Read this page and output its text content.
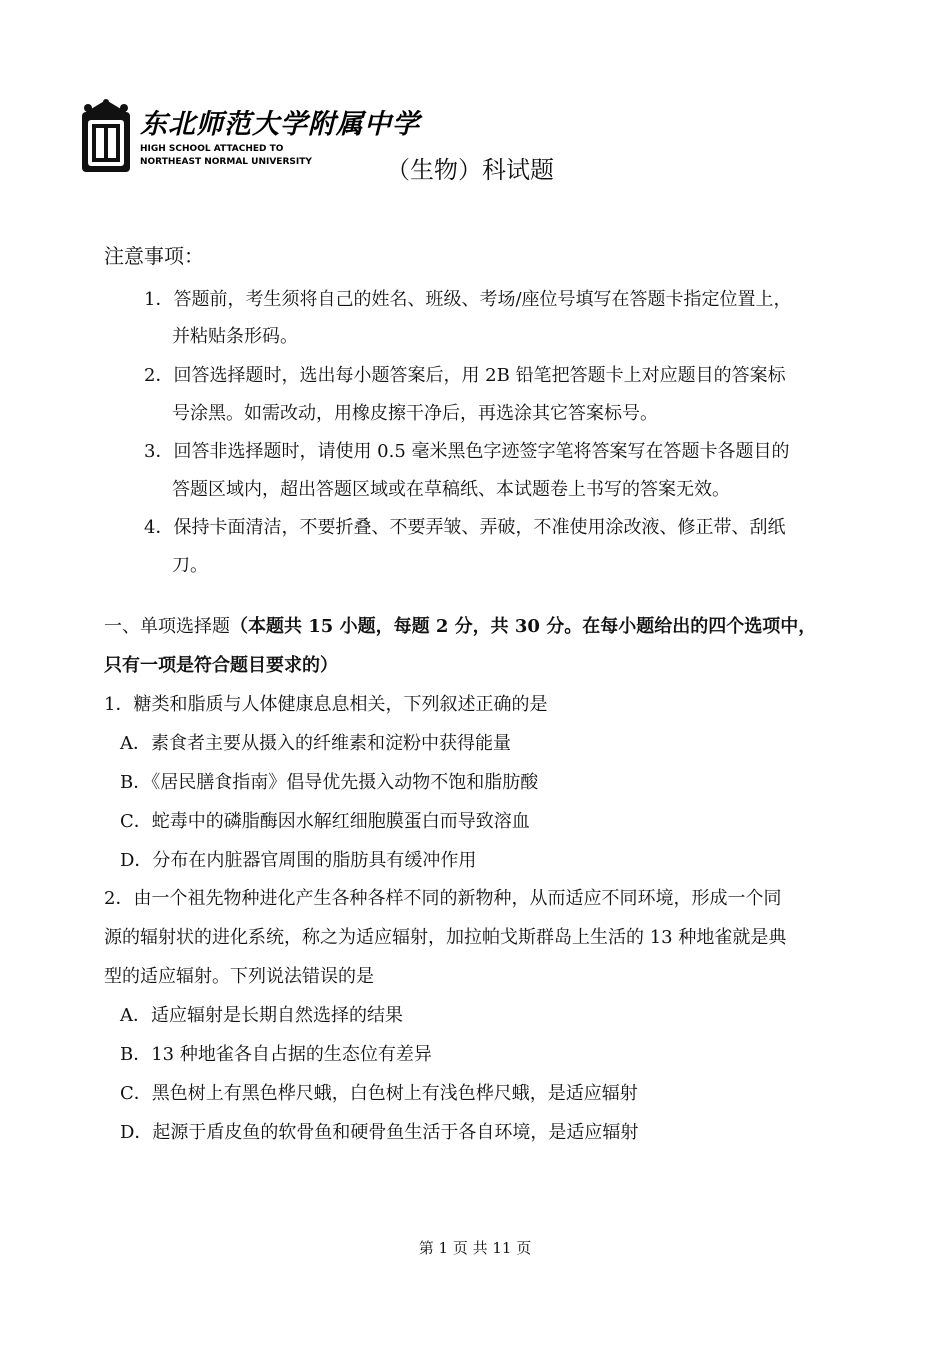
东北师范大学附属中学
HIGH SCHOOL ATTACHED TO
NORTHEAST NORMAL UNIVERSITY	（生物）科试题
注意事项：
1．答题前，考生须将自己的姓名、班级、考场/座位号填写在答题卡指定位置上，
并粘贴条形码。
2．回答选择题时，选出每小题答案后，用 2B 铅笔把答题卡上对应题目的答案标
号涂黑。如需改动，用橡皮擦干净后，再选涂其它答案标号。
3．回答非选择题时，请使用 0.5 毫米黑色字迹签字笔将答案写在答题卡各题目的
答题区域内，超出答题区域或在草稿纸、本试题卷上书写的答案无效。
4．保持卡面清洁，不要折叠、不要弄皱、弄破，不准使用涂改液、修正带、刮纸
刀。
一、单项选择题（本题共 15 小题，每题 2 分，共 30 分。在每小题给出的四个选项中，
只有一项是符合题目要求的）
1．糖类和脂质与人体健康息息相关，下列叙述正确的是
A．素食者主要从摄入的纤维素和淀粉中获得能量
B．《居民膳食指南》倡导优先摄入动物不饱和脂肪酸
C．蛇毒中的磷脂酶因水解红细胞膜蛋白而导致溶血
D．分布在内脏器官周围的脂肪具有缓冲作用
2．由一个祖先物种进化产生各种各样不同的新物种，从而适应不同环境，形成一个同
源的辐射状的进化系统，称之为适应辐射，加拉帕戈斯群岛上生活的 13 种地雀就是典
型的适应辐射。下列说法错误的是
A．适应辐射是长期自然选择的结果
B．13 种地雀各自占据的生态位有差异
C．黑色树上有黑色桦尺蛾，白色树上有浅色桦尺蛾，是适应辐射
D．起源于盾皮鱼的软骨鱼和硬骨鱼生活于各自环境，是适应辐射
第 1 页 共 11 页
